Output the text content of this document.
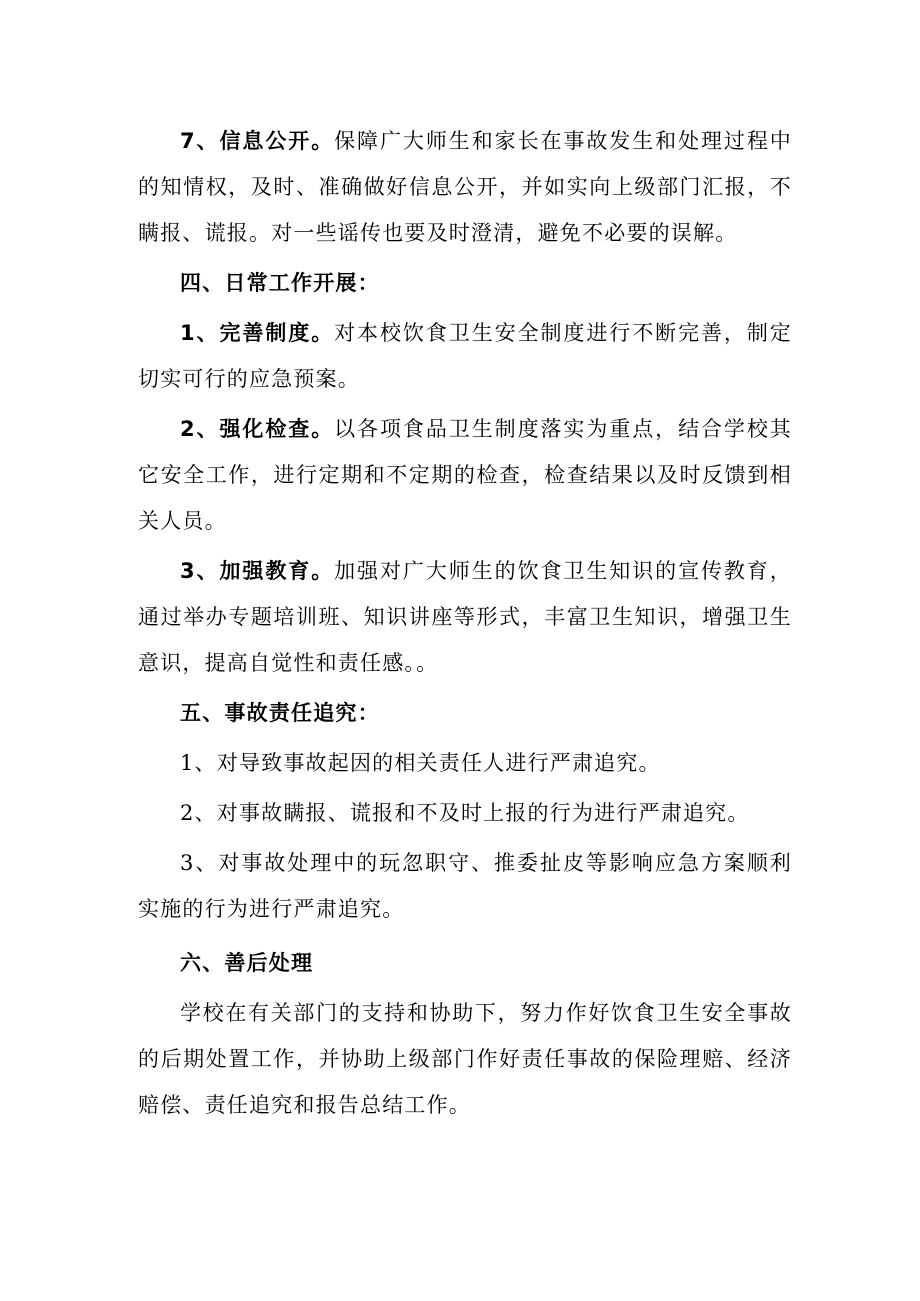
7、信息公开。保障广大师生和家长在事故发生和处理过程中的知情权，及时、准确做好信息公开，并如实向上级部门汇报，不瞒报、谎报。对一些谣传也要及时澄清，避免不必要的误解。

四、日常工作开展：

1、完善制度。对本校饮食卫生安全制度进行不断完善，制定切实可行的应急预案。

2、强化检查。以各项食品卫生制度落实为重点，结合学校其它安全工作，进行定期和不定期的检查，检查结果以及时反馈到相关人员。

3、加强教育。加强对广大师生的饮食卫生知识的宣传教育，通过举办专题培训班、知识讲座等形式，丰富卫生知识，增强卫生意识，提高自觉性和责任感。。

五、事故责任追究：

1、对导致事故起因的相关责任人进行严肃追究。

2、对事故瞒报、谎报和不及时上报的行为进行严肃追究。

3、对事故处理中的玩忽职守、推委扯皮等影响应急方案顺利实施的行为进行严肃追究。

六、善后处理

学校在有关部门的支持和协助下，努力作好饮食卫生安全事故的后期处置工作，并协助上级部门作好责任事故的保险理赔、经济赔偿、责任追究和报告总结工作。
